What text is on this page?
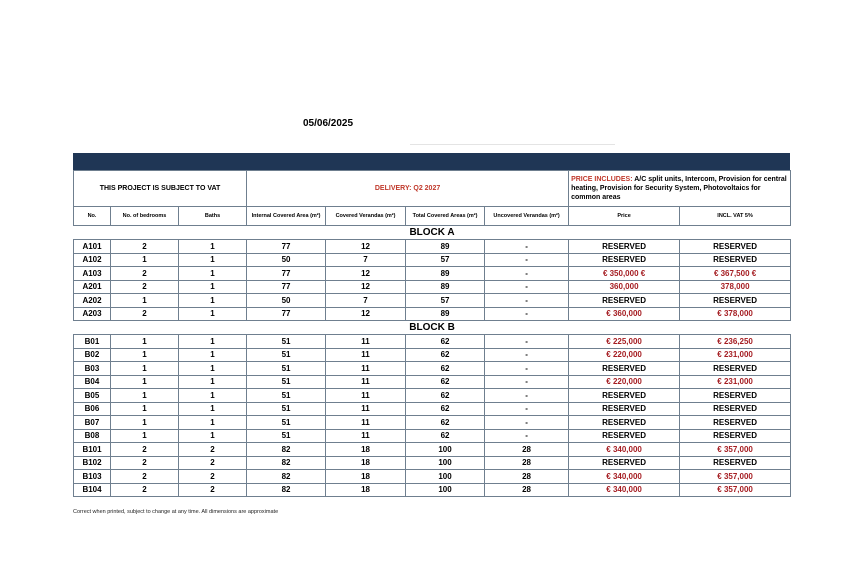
05/06/2025
THIS PROJECT IS SUBJECT TO VAT			DELIVERY: Q2 2027				PRICE INCLUDES: A/C split units, Intercom, Provision for central heating, Provision for Security System, Photovoltaics for common areas	
No.	No. of bedrooms	Baths	Internal Covered Area (m²)	Covered Verandas (m²)	Total Covered Areas (m²)	Uncovered Verandas (m²)	Price	INCL. VAT 5%
BLOCK A								
A101	2	1	77	12	89	-	RESERVED	RESERVED
A102	1	1	50	7	57	-	RESERVED	RESERVED
A103	2	1	77	12	89	-	€ 350,000 €	€ 367,500 €
A201	2	1	77	12	89	-	360,000	378,000
A202	1	1	50	7	57	-	RESERVED	RESERVED
A203	2	1	77	12	89	-	€ 360,000	€ 378,000
BLOCK B								
B01	1	1	51	11	62	-	€ 225,000	€ 236,250
B02	1	1	51	11	62	-	€ 220,000	€ 231,000
B03	1	1	51	11	62	-	RESERVED	RESERVED
B04	1	1	51	11	62	-	€ 220,000	€ 231,000
B05	1	1	51	11	62	-	RESERVED	RESERVED
B06	1	1	51	11	62	-	RESERVED	RESERVED
B07	1	1	51	11	62	-	RESERVED	RESERVED
B08	1	1	51	11	62	-	RESERVED	RESERVED
B101	2	2	82	18	100	28	€ 340,000	€ 357,000
B102	2	2	82	18	100	28	RESERVED	RESERVED
B103	2	2	82	18	100	28	€ 340,000	€ 357,000
B104	2	2	82	18	100	28	€ 340,000	€ 357,000
Correct when printed, subject to change at any time. All dimensions are approximate
